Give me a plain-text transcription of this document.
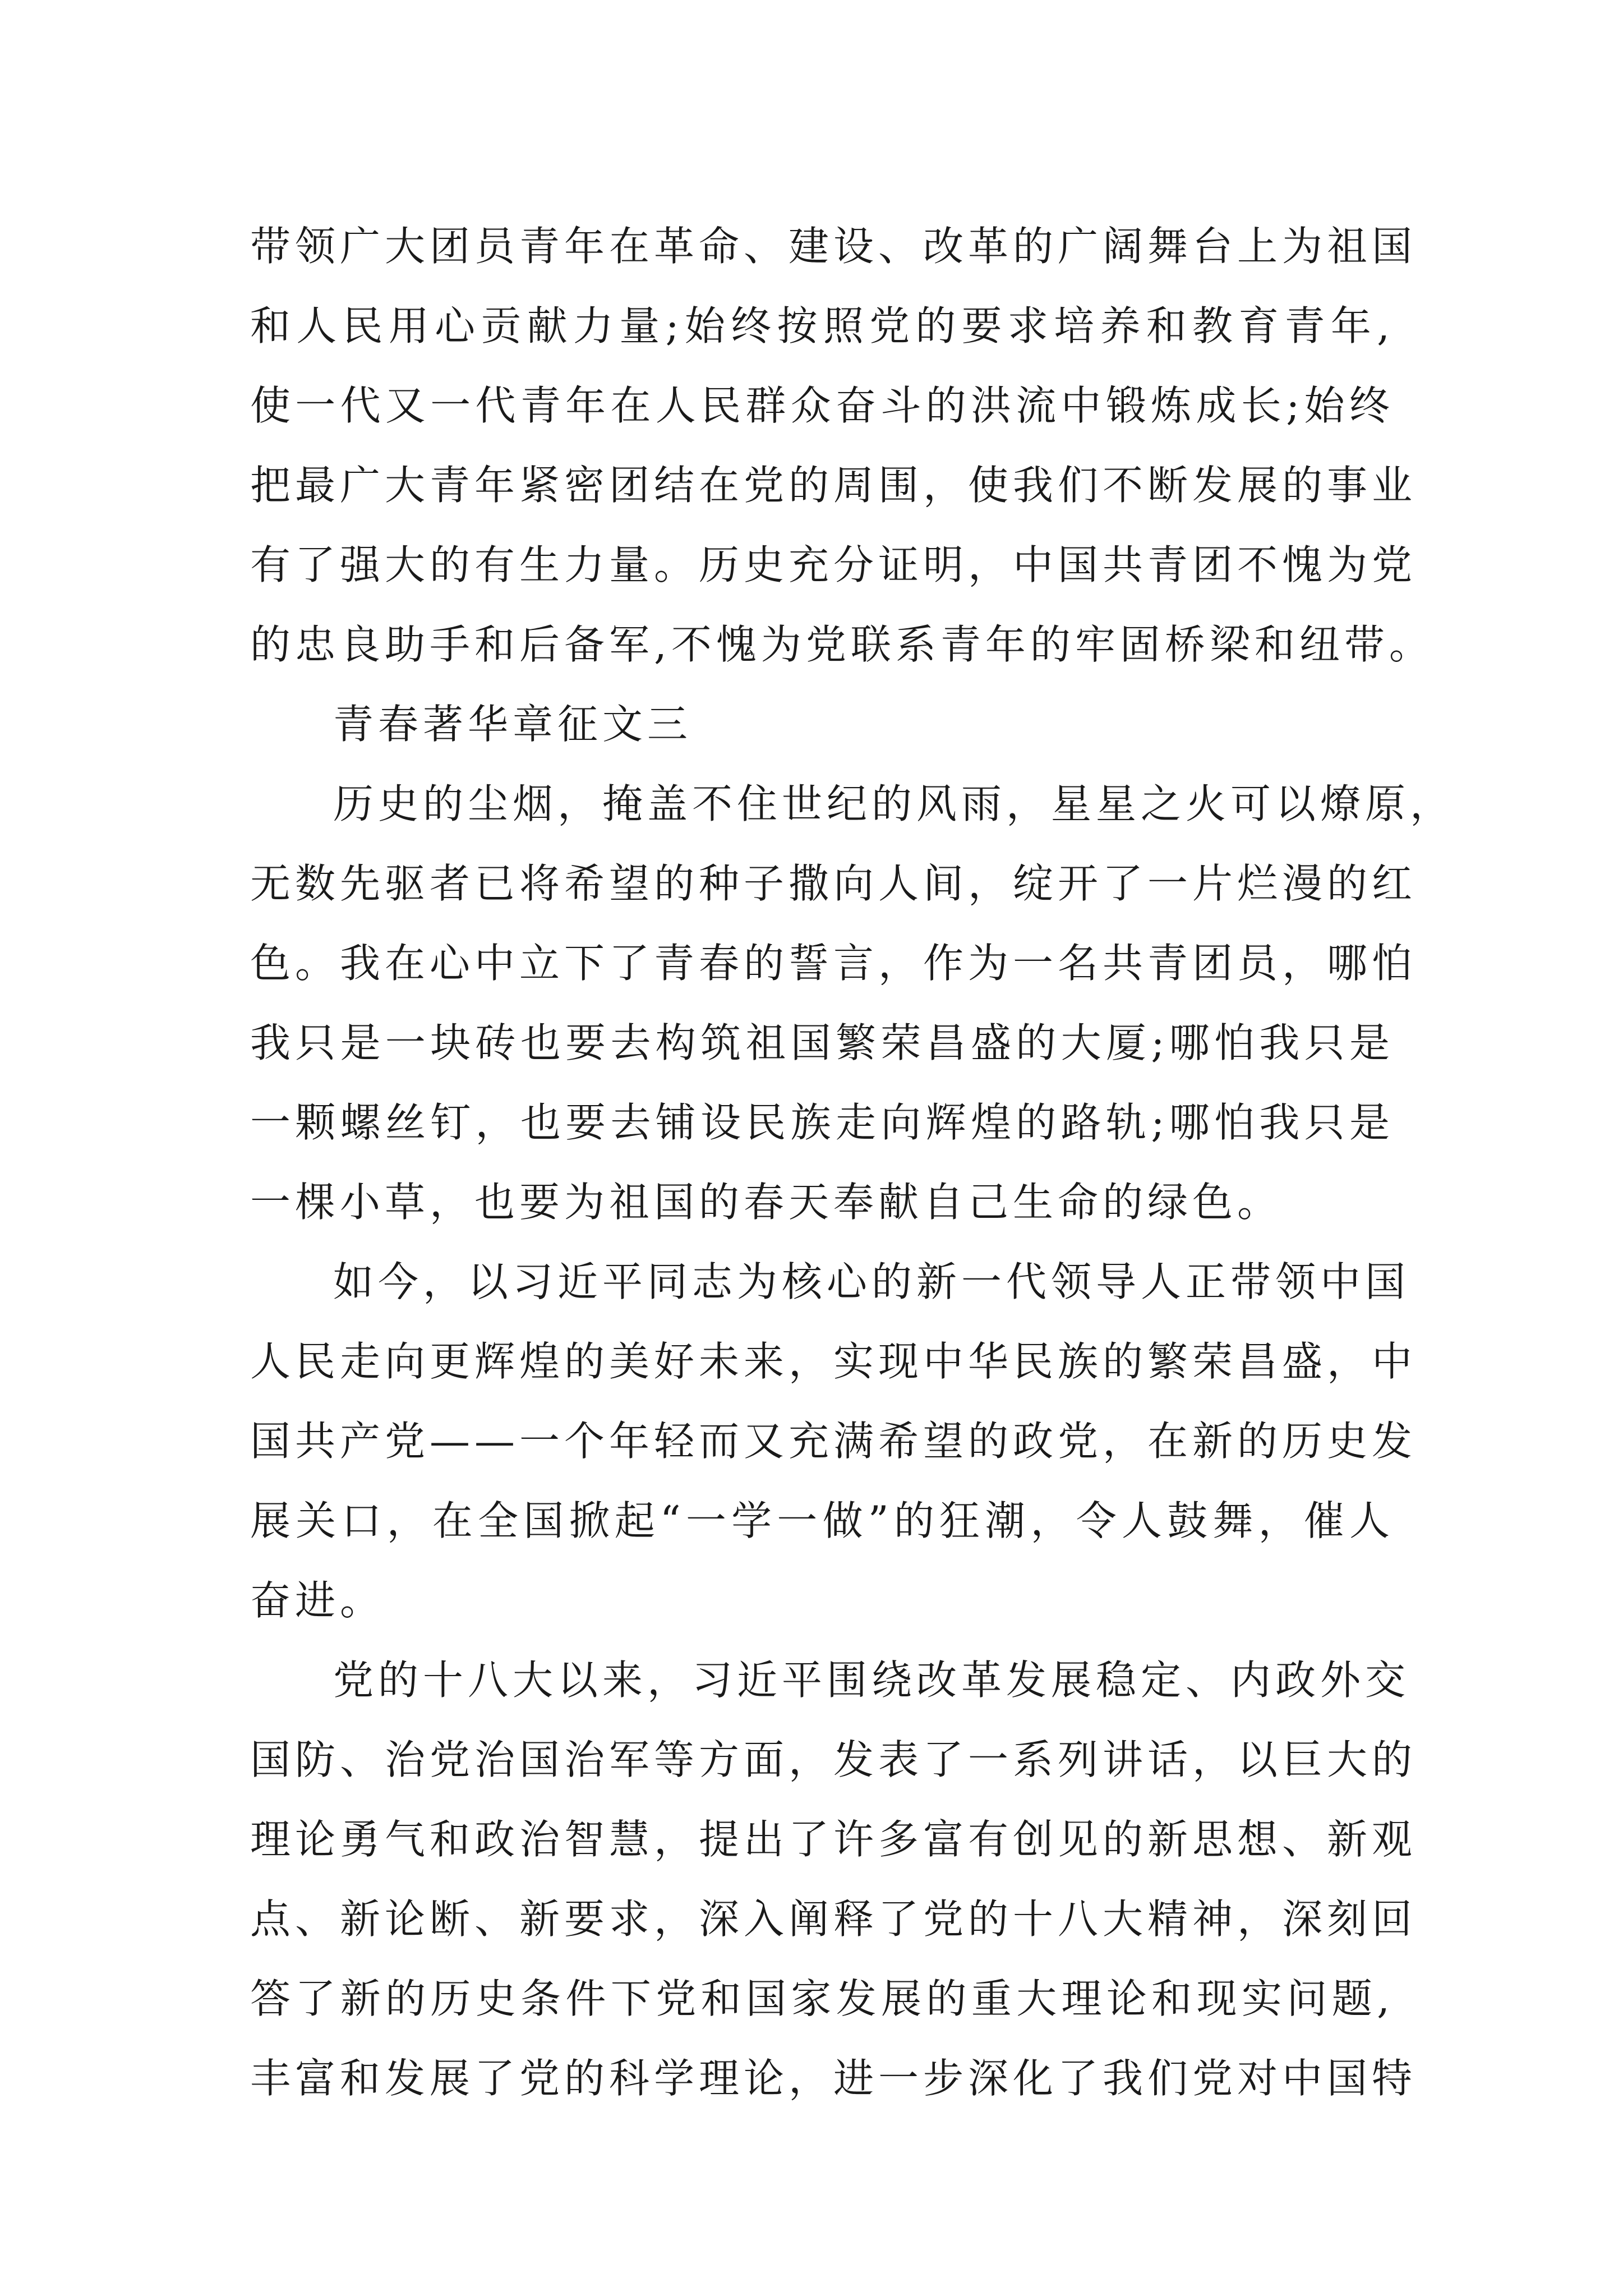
带领广大团员青年在革命、建设、改革的广阔舞台上为祖国
和人民用心贡献力量;始终按照党的要求培养和教育青年,
使一代又一代青年在人民群众奋斗的洪流中锻炼成长;始终
把最广大青年紧密团结在党的周围，使我们不断发展的事业
有了强大的有生力量。历史充分证明，中国共青团不愧为党
的忠良助手和后备军,不愧为党联系青年的牢固桥梁和纽带。
青春著华章征文三
历史的尘烟，掩盖不住世纪的风雨，星星之火可以燎原，
无数先驱者已将希望的种子撒向人间，绽开了一片烂漫的红
色。我在心中立下了青春的誓言，作为一名共青团员，哪怕
我只是一块砖也要去构筑祖国繁荣昌盛的大厦;哪怕我只是
一颗螺丝钉，也要去铺设民族走向辉煌的路轨;哪怕我只是
一棵小草，也要为祖国的春天奉献自己生命的绿色。
如今，以习近平同志为核心的新一代领导人正带领中国
人民走向更辉煌的美好未来，实现中华民族的繁荣昌盛，中
国共产党——一个年轻而又充满希望的政党，在新的历史发
展关口，在全国掀起“一学一做”的狂潮，令人鼓舞，催人
奋进。
党的十八大以来，习近平围绕改革发展稳定、内政外交
国防、治党治国治军等方面，发表了一系列讲话，以巨大的
理论勇气和政治智慧，提出了许多富有创见的新思想、新观
点、新论断、新要求，深入阐释了党的十八大精神，深刻回
答了新的历史条件下党和国家发展的重大理论和现实问题,
丰富和发展了党的科学理论，进一步深化了我们党对中国特
